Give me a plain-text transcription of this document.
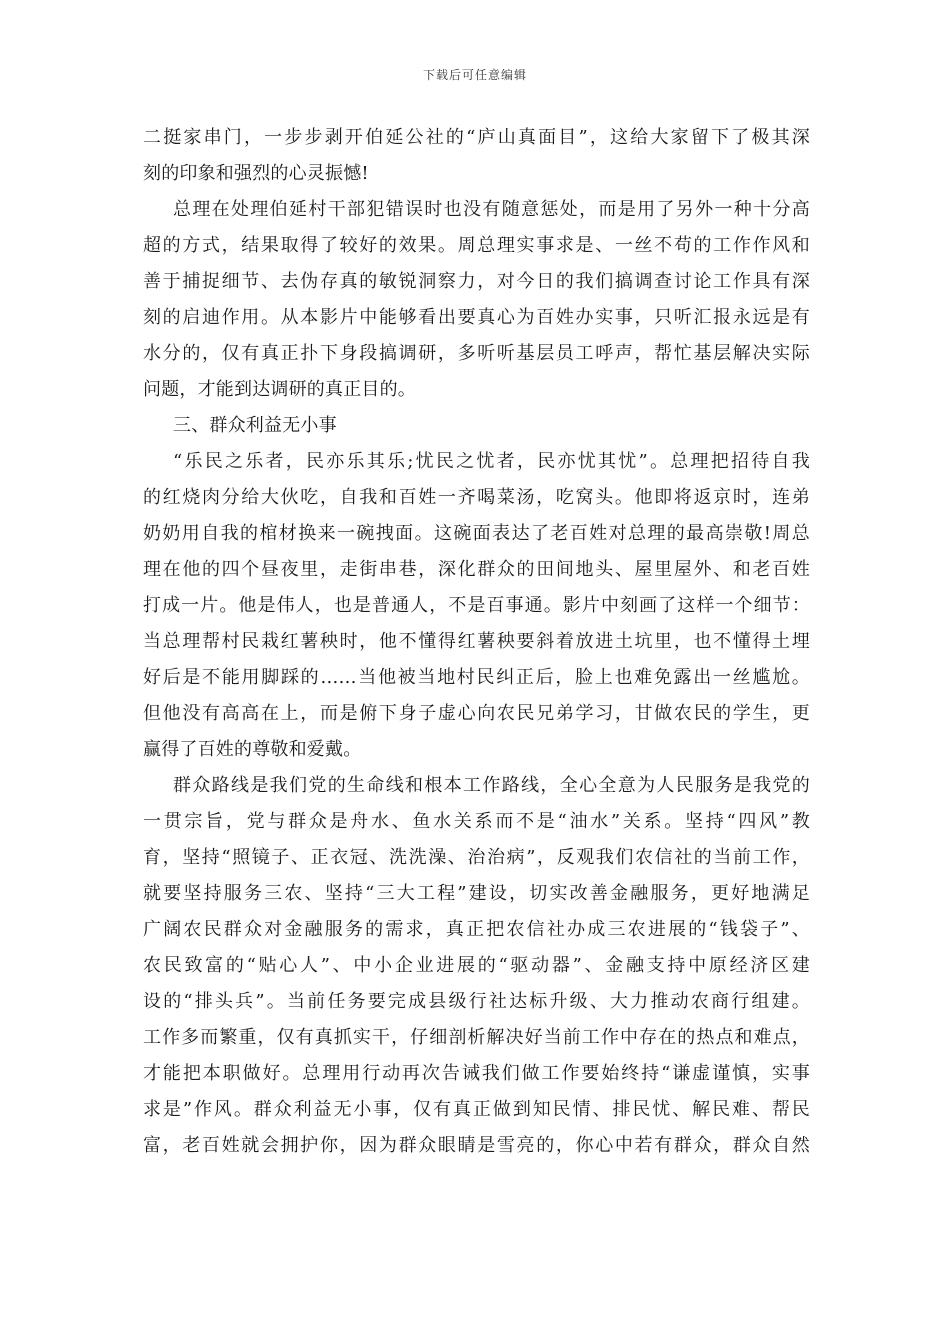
下载后可任意编辑
二挺家串门，一步步剥开伯延公社的“庐山真面目”，这给大家留下了极其深
刻的印象和强烈的心灵振憾!
总理在处理伯延村干部犯错误时也没有随意惩处，而是用了另外一种十分高
超的方式，结果取得了较好的效果。周总理实事求是、一丝不苟的工作作风和
善于捕捉细节、去伪存真的敏锐洞察力，对今日的我们搞调查讨论工作具有深
刻的启迪作用。从本影片中能够看出要真心为百姓办实事，只听汇报永远是有
水分的，仅有真正扑下身段搞调研，多听听基层员工呼声，帮忙基层解决实际
问题，才能到达调研的真正目的。
三、群众利益无小事
“乐民之乐者，民亦乐其乐;忧民之忧者，民亦忧其忧”。总理把招待自我
的红烧肉分给大伙吃，自我和百姓一齐喝菜汤，吃窝头。他即将返京时，连弟
奶奶用自我的棺材换来一碗拽面。这碗面表达了老百姓对总理的最高崇敬!周总
理在他的四个昼夜里，走街串巷，深化群众的田间地头、屋里屋外、和老百姓
打成一片。他是伟人，也是普通人，不是百事通。影片中刻画了这样一个细节：
当总理帮村民栽红薯秧时，他不懂得红薯秧要斜着放进土坑里，也不懂得土埋
好后是不能用脚踩的……当他被当地村民纠正后，脸上也难免露出一丝尴尬。
但他没有高高在上，而是俯下身子虚心向农民兄弟学习，甘做农民的学生，更
赢得了百姓的尊敬和爱戴。
群众路线是我们党的生命线和根本工作路线，全心全意为人民服务是我党的
一贯宗旨，党与群众是舟水、鱼水关系而不是“油水”关系。坚持“四风”教
育，坚持“照镜子、正衣冠、洗洗澡、治治病”，反观我们农信社的当前工作，
就要坚持服务三农、坚持“三大工程”建设，切实改善金融服务，更好地满足
广阔农民群众对金融服务的需求，真正把农信社办成三农进展的“钱袋子”、
农民致富的“贴心人”、中小企业进展的“驱动器”、金融支持中原经济区建
设的“排头兵”。当前任务要完成县级行社达标升级、大力推动农商行组建。
工作多而繁重，仅有真抓实干，仔细剖析解决好当前工作中存在的热点和难点，
才能把本职做好。总理用行动再次告诫我们做工作要始终持“谦虚谨慎，实事
求是”作风。群众利益无小事，仅有真正做到知民情、排民忧、解民难、帮民
富，老百姓就会拥护你，因为群众眼睛是雪亮的，你心中若有群众，群众自然
